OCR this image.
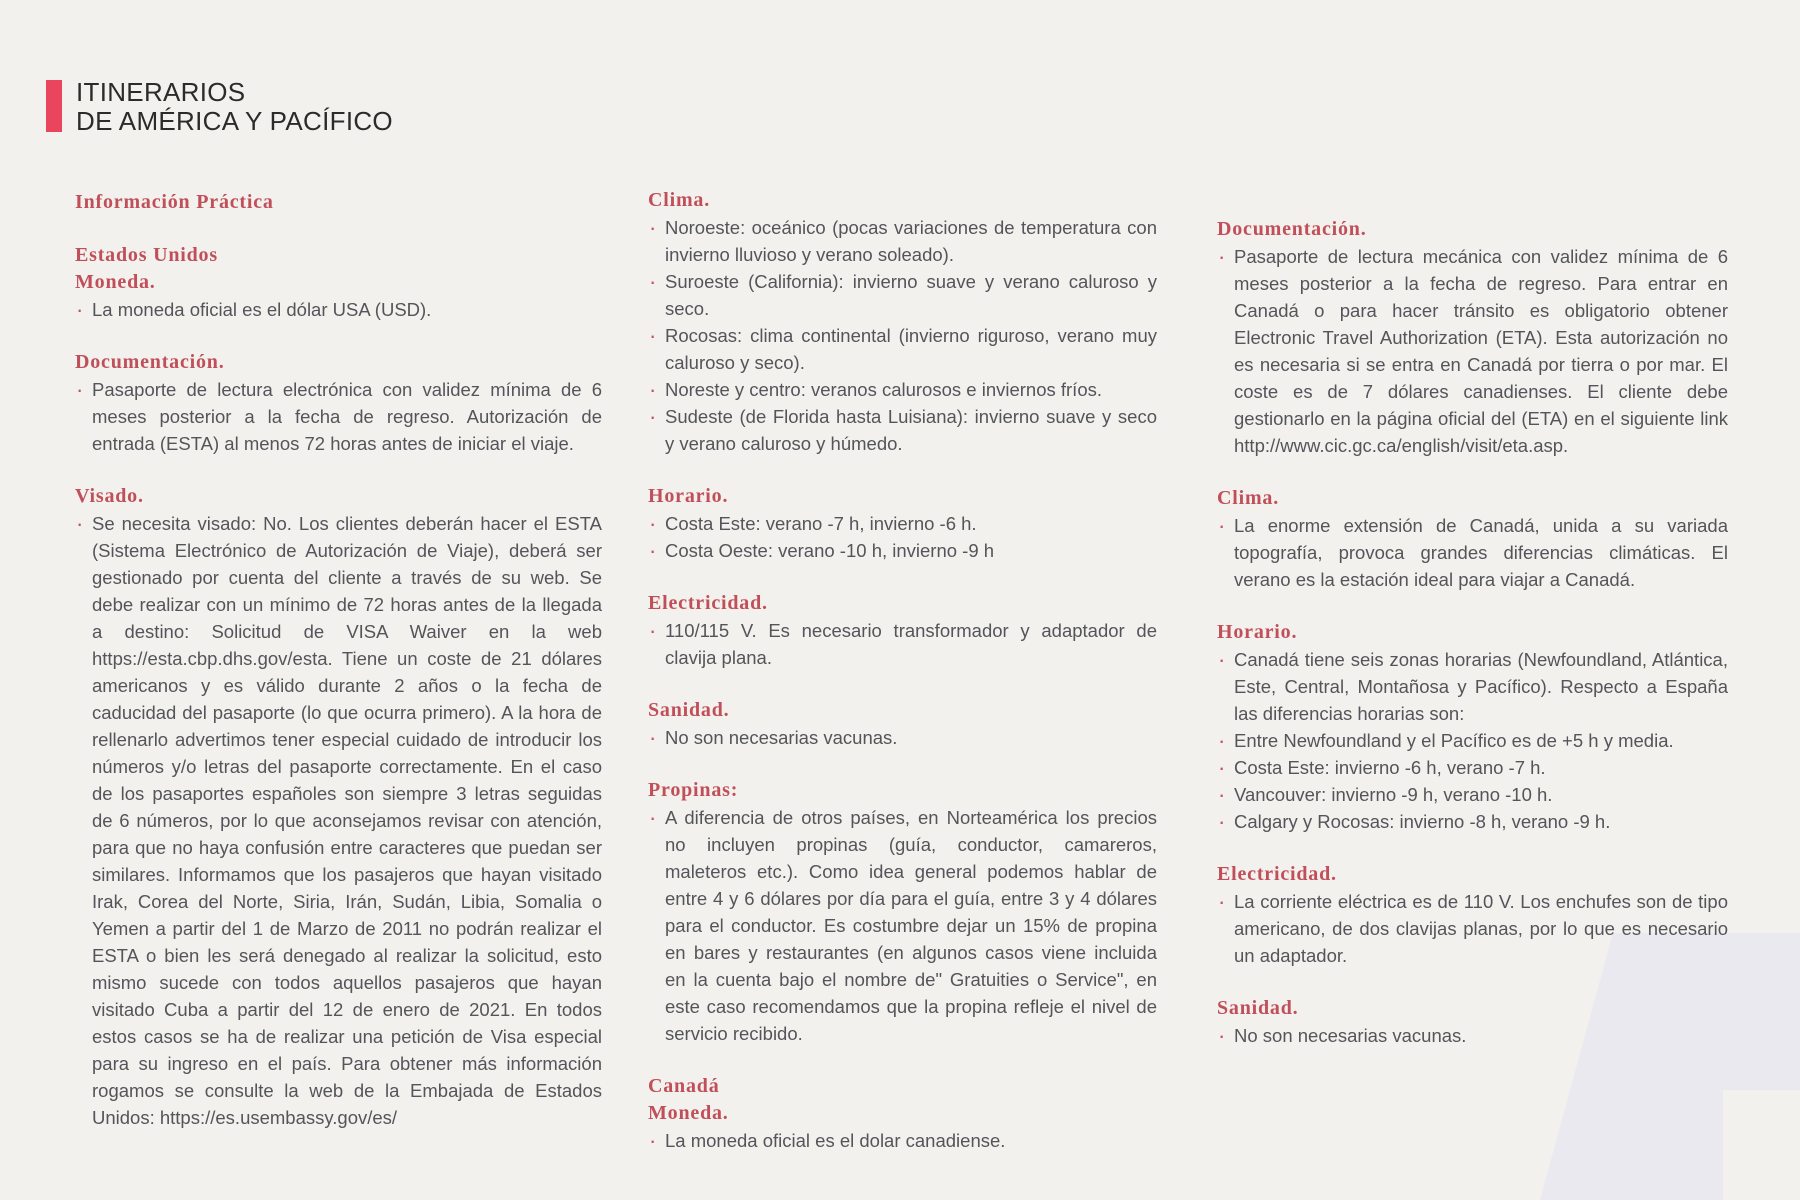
ITINERARIOS
DE AMÉRICA Y PACÍFICO
Información Práctica
Estados Unidos
Moneda.
· La moneda oficial es el dólar USA (USD).
Documentación.
· Pasaporte de lectura electrónica con validez mínima de 6 meses posterior a la fecha de regreso. Autorización de entrada (ESTA) al menos 72 horas antes de iniciar el viaje.
Visado.
· Se necesita visado: No. Los clientes deberán hacer el ESTA (Sistema Electrónico de Autorización de Viaje), deberá ser gestionado por cuenta del cliente a través de su web. Se debe realizar con un mínimo de 72 horas antes de la llegada a destino: Solicitud de VISA Waiver en la web https://esta.cbp.dhs.gov/esta. Tiene un coste de 21 dólares americanos y es válido durante 2 años o la fecha de caducidad del pasaporte (lo que ocurra primero). A la hora de rellenarlo advertimos tener especial cuidado de introducir los números y/o letras del pasaporte correctamente. En el caso de los pasaportes españoles son siempre 3 letras seguidas de 6 números, por lo que aconsejamos revisar con atención, para que no haya confusión entre caracteres que puedan ser similares. Informamos que los pasajeros que hayan visitado Irak, Corea del Norte, Siria, Irán, Sudán, Libia, Somalia o Yemen a partir del 1 de Marzo de 2011 no podrán realizar el ESTA o bien les será denegado al realizar la solicitud, esto mismo sucede con todos aquellos pasajeros que hayan visitado Cuba a partir del 12 de enero de 2021. En todos estos casos se ha de realizar una petición de Visa especial para su ingreso en el país. Para obtener más información rogamos se consulte la web de la Embajada de Estados Unidos: https://es.usembassy.gov/es/
Clima.
· Noroeste: oceánico (pocas variaciones de temperatura con invierno lluvioso y verano soleado).
· Suroeste (California): invierno suave y verano caluroso y seco.
· Rocosas: clima continental (invierno riguroso, verano muy caluroso y seco).
· Noreste y centro: veranos calurosos e inviernos fríos.
· Sudeste (de Florida hasta Luisiana): invierno suave y seco y verano caluroso y húmedo.
Horario.
· Costa Este: verano -7 h, invierno -6 h.
· Costa Oeste: verano -10 h, invierno -9 h
Electricidad.
· 110/115 V. Es necesario transformador y adaptador de clavija plana.
Sanidad.
· No son necesarias vacunas.
Propinas:
· A diferencia de otros países, en Norteamérica los precios no incluyen propinas (guía, conductor, camareros, maleteros etc.). Como idea general podemos hablar de entre 4 y 6 dólares por día para el guía, entre 3 y 4 dólares para el conductor. Es costumbre dejar un 15% de propina en bares y restaurantes (en algunos casos viene incluida en la cuenta bajo el nombre de" Gratuities o Service", en este caso recomendamos que la propina refleje el nivel de servicio recibido.
Canadá
Moneda.
· La moneda oficial es el dolar canadiense.
Documentación.
· Pasaporte de lectura mecánica con validez mínima de 6 meses posterior a la fecha de regreso. Para entrar en Canadá o para hacer tránsito es obligatorio obtener Electronic Travel Authorization (ETA). Esta autorización no es necesaria si se entra en Canadá por tierra o por mar. El coste es de 7 dólares canadienses. El cliente debe gestionarlo en la página oficial del (ETA) en el siguiente link http://www.cic.gc.ca/english/visit/eta.asp.
Clima.
· La enorme extensión de Canadá, unida a su variada topografía, provoca grandes diferencias climáticas. El verano es la estación ideal para viajar a Canadá.
Horario.
· Canadá tiene seis zonas horarias (Newfoundland, Atlántica, Este, Central, Montañosa y Pacífico). Respecto a España las diferencias horarias son:
· Entre Newfoundland y el Pacífico es de +5 h y media.
· Costa Este: invierno -6 h, verano -7 h.
· Vancouver: invierno -9 h, verano -10 h.
· Calgary y Rocosas: invierno -8 h, verano -9 h.
Electricidad.
· La corriente eléctrica es de 110 V. Los enchufes son de tipo americano, de dos clavijas planas, por lo que es necesario un adaptador.
Sanidad.
· No son necesarias vacunas.
